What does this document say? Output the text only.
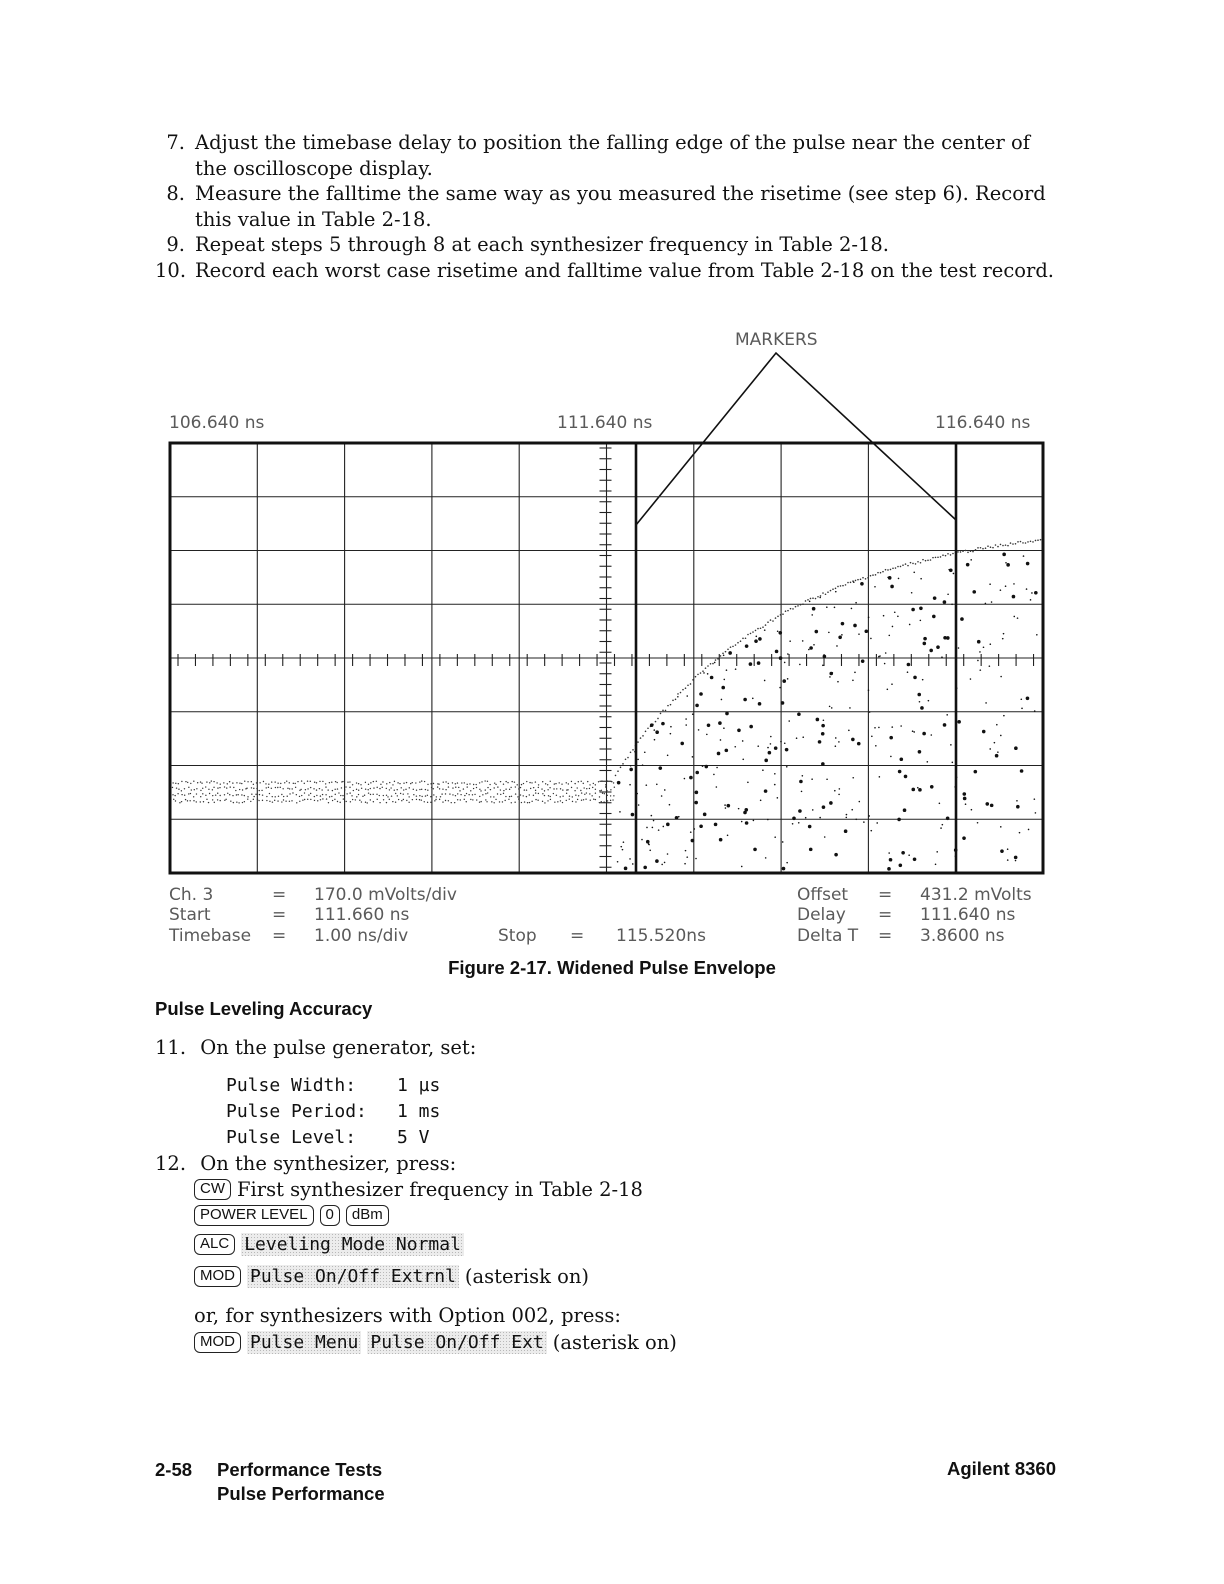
7. Adjust the timebase delay to position the falling edge of the pulse near the center of the oscilloscope display.
8. Measure the falltime the same way as you measured the risetime (see step 6). Record this value in Table 2-18.
9. Repeat steps 5 through 8 at each synthesizer frequency in Table 2-18.
10. Record each worst case risetime and falltime value from Table 2-18 on the test record.
MARKERS
106.640 ns	111.640 ns	116.640 ns
Ch. 3	= 170.0 mVolts/div
Start	= 111.660 ns
Timebase = 1.00 ns/div	Stop = 115.520ns
Offset = 431.2 mVolts
Delay = 111.640 ns
Delta T = 3.8600 ns
Figure 2-17. Widened Pulse Envelope
Pulse Leveling Accuracy
11. On the pulse generator, set:
Pulse Width:	1 µs
Pulse Period:	1 ms
Pulse Level:	5 V
12. On the synthesizer, press:
CW First synthesizer frequency in Table 2-18
POWER LEVEL	0	dBm
ALC Leveling Mode Normal
MOD Pulse On/Off Extrnl (asterisk on)
or, for synthesizers with Option 002, press:
MOD Pulse Menu Pulse On/Off Ext (asterisk on)
2-58 Performance Tests
Pulse Performance
Agilent 8360
